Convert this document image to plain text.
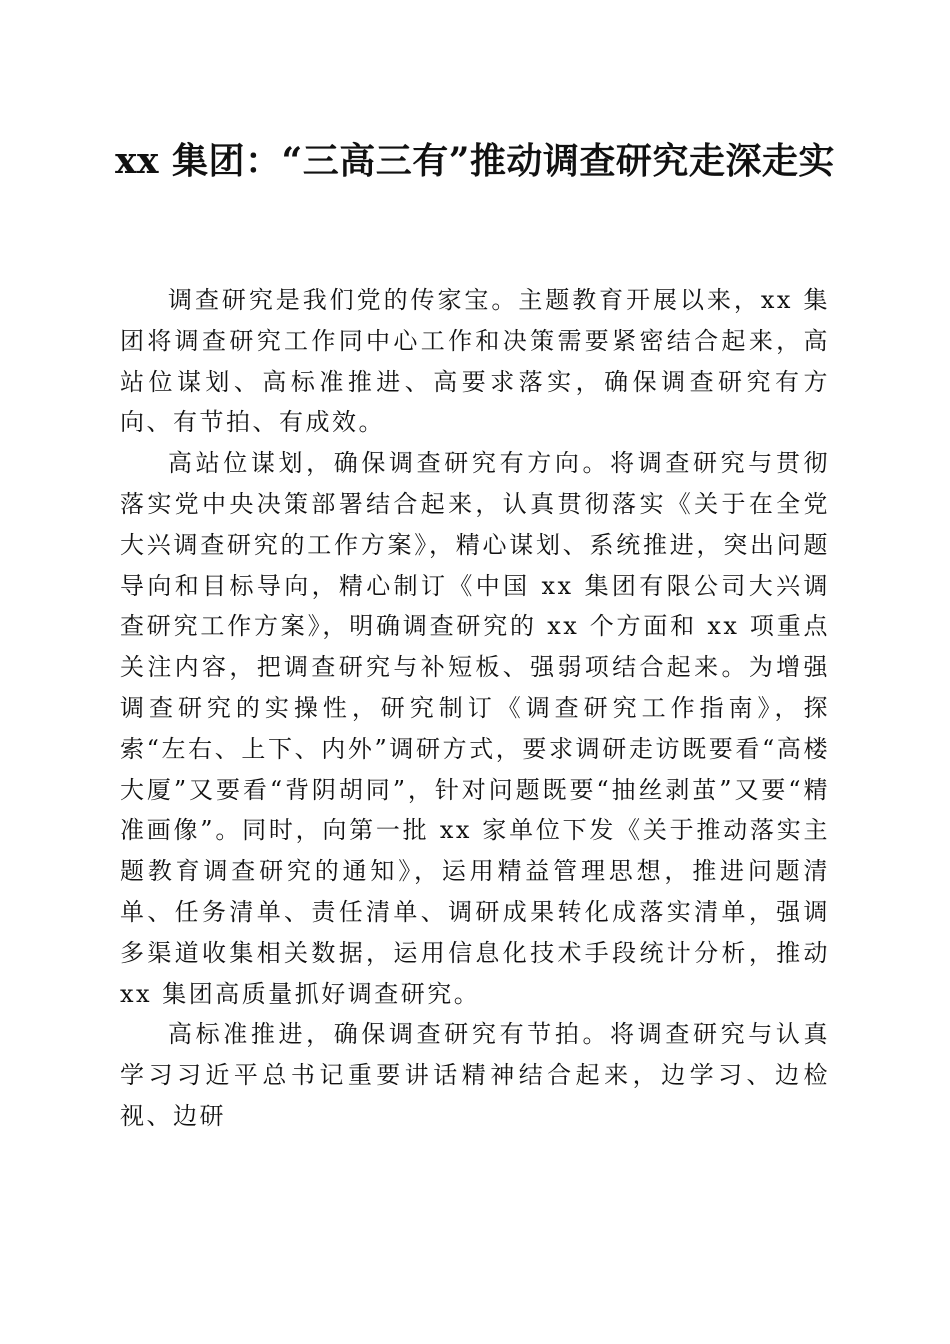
xx 集团：“三高三有”推动调查研究走深走实

调查研究是我们党的传家宝。主题教育开展以来，xx 集团将调查研究工作同中心工作和决策需要紧密结合起来，高站位谋划、高标准推进、高要求落实，确保调查研究有方向、有节拍、有成效。

高站位谋划，确保调查研究有方向。将调查研究与贯彻落实党中央决策部署结合起来，认真贯彻落实《关于在全党大兴调查研究的工作方案》，精心谋划、系统推进，突出问题导向和目标导向，精心制订《中国 xx 集团有限公司大兴调查研究工作方案》，明确调查研究的 xx 个方面和 xx 项重点关注内容，把调查研究与补短板、强弱项结合起来。为增强调查研究的实操性，研究制订《调查研究工作指南》，探索“左右、上下、内外”调研方式，要求调研走访既要看“高楼大厦”又要看“背阴胡同”，针对问题既要“抽丝剥茧”又要“精准画像”。同时，向第一批 xx 家单位下发《关于推动落实主题教育调查研究的通知》，运用精益管理思想，推进问题清单、任务清单、责任清单、调研成果转化成落实清单，强调多渠道收集相关数据，运用信息化技术手段统计分析，推动 xx 集团高质量抓好调查研究。

高标准推进，确保调查研究有节拍。将调查研究与认真学习习近平总书记重要讲话精神结合起来，边学习、边检视、边研
